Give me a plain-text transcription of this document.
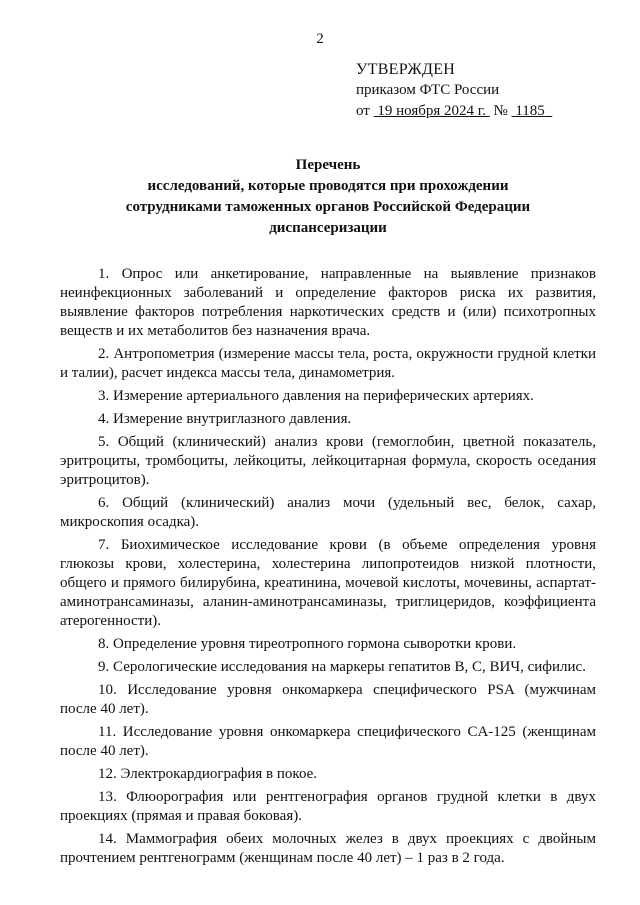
2
УТВЕРЖДЕН
приказом ФТС России
от 19 ноября 2024 г. № 1185
Перечень
исследований, которые проводятся при прохождении
сотрудниками таможенных органов Российской Федерации
диспансеризации

1. Опрос или анкетирование, направленные на выявление признаков неинфекционных заболеваний и определение факторов риска их развития, выявление факторов потребления наркотических средств и (или) психотропных веществ и их метаболитов без назначения врача.

2. Антропометрия (измерение массы тела, роста, окружности грудной клетки и талии), расчет индекса массы тела, динамометрия.

3. Измерение артериального давления на периферических артериях.

4. Измерение внутриглазного давления.

5. Общий (клинический) анализ крови (гемоглобин, цветной показатель, эритроциты, тромбоциты, лейкоциты, лейкоцитарная формула, скорость оседания эритроцитов).

6. Общий (клинический) анализ мочи (удельный вес, белок, сахар, микроскопия осадка).

7. Биохимическое исследование крови (в объеме определения уровня глюкозы крови, холестерина, холестерина липопротеидов низкой плотности, общего и прямого билирубина, креатинина, мочевой кислоты, мочевины, аспартат-аминотрансаминазы, аланин-аминотрансаминазы, триглицеридов, коэффициента атерогенности).

8. Определение уровня тиреотропного гормона сыворотки крови.

9. Серологические исследования на маркеры гепатитов B, C, ВИЧ, сифилис.

10. Исследование уровня онкомаркера специфического PSA (мужчинам после 40 лет).

11. Исследование уровня онкомаркера специфического CA-125 (женщинам после 40 лет).

12. Электрокардиография в покое.

13. Флюорография или рентгенография органов грудной клетки в двух проекциях (прямая и правая боковая).

14. Маммография обеих молочных желез в двух проекциях с двойным прочтением рентгенограмм (женщинам после 40 лет) – 1 раз в 2 года.
